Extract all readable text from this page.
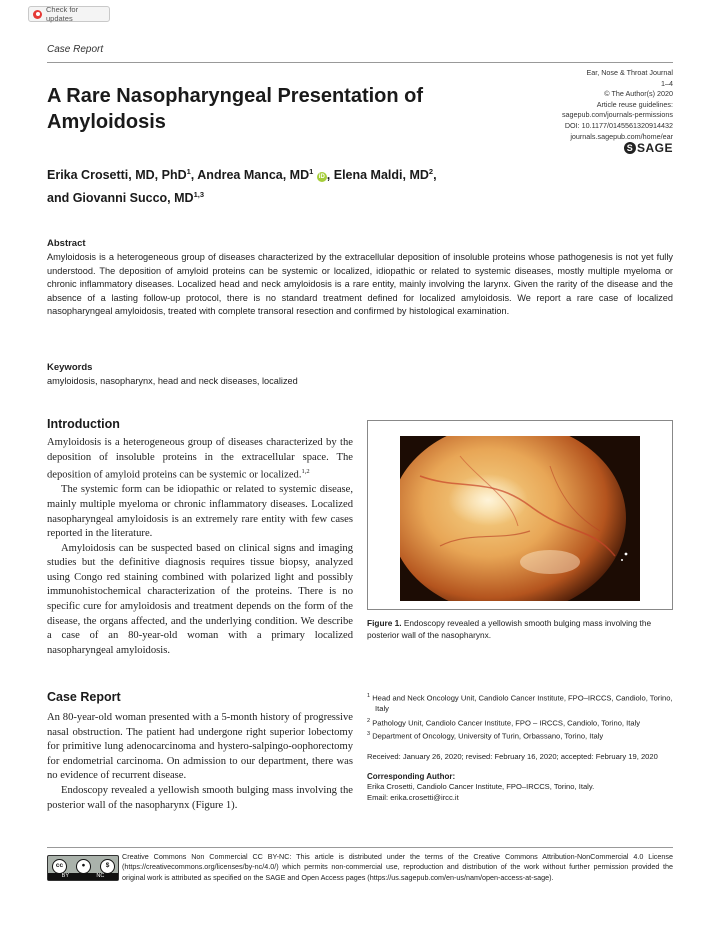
Check for updates
Case Report
Ear, Nose & Throat Journal
1–4
© The Author(s) 2020
Article reuse guidelines:
sagepub.com/journals-permissions
DOI: 10.1177/0145561320914432
journals.sagepub.com/home/ear
S SAGE
A Rare Nasopharyngeal Presentation of Amyloidosis
Erika Crosetti, MD, PhD$^1$, Andrea Manca, $MD^1$ iD , Elena Maldi, $MD^2$,
and Giovanni Succo, MD$^{1,3}$
Abstract

Amyloidosis is a heterogeneous group of diseases characterized by the extracellular deposition of insoluble proteins whose pathogenesis is not yet fully understood. The deposition of amyloid proteins can be systemic or localized, idiopathic or related to systemic diseases, mostly multiple myeloma or chronic inflammatory diseases. Localized head and neck amyloidosis is a rare entity, mainly involving the larynx. Given the rarity of the disease and the absence of a lasting follow-up protocol, there is no standard treatment defined for localized amyloidosis. We report a rare case of localized nasopharyngeal amyloidosis, treated with complete transoral resection and confirmed by histological examination.

Keywords

amyloidosis, nasopharynx, head and neck diseases, localized

Introduction

Amyloidosis is a heterogeneous group of diseases characterized by the deposition of insoluble proteins in the extracellular space. The deposition of amyloid proteins can be systemic or localized.$^{1,2}$

The systemic form can be idiopathic or related to systemic disease, mainly multiple myeloma or chronic inflammatory diseases. Localized nasopharyngeal amyloidosis is an extremely rare entity with few cases reported in the literature.

Amyloidosis can be suspected based on clinical signs and imaging studies but the definitive diagnosis requires tissue biopsy, analyzed using Congo red staining combined with polarized light and possibly immunohistochemical characterization of the proteins. There is no specific cure for amyloidosis and treatment depends on the form of the disease, the organs affected, and the underlying condition. We describe a case of an 80-year-old woman with a primary localized nasopharyngeal amyloidosis.

Case Report

An 80-year-old woman presented with a 5-month history of progressive nasal obstruction. The patient had undergone right superior lobectomy for primitive lung adenocarcinoma and hystero-salpingo-oophorectomy for endometrial carcinoma. On admission to our department, there was no evidence of recurrent disease.

Endoscopy revealed a yellowish smooth bulging mass involving the posterior wall of the nasopharynx (Figure 1).

Figure 1. Endoscopy revealed a yellowish smooth bulging mass involving the posterior wall of the nasopharynx.

$^1$ Head and Neck Oncology Unit, Candiolo Cancer Institute, FPO–IRCCS, Candiolo, Torino, Italy
$^2$ Pathology Unit, Candiolo Cancer Institute, FPO – IRCCS, Candiolo, Torino, Italy
$^3$ Department of Oncology, University of Turin, Orbassano, Torino, Italy
Received: January 26, 2020; revised: February 16, 2020; accepted: February 19, 2020
Corresponding Author:
Erika Crosetti, Candiolo Cancer Institute, FPO–IRCCS, Torino, Italy.
Email: erika.crosetti@ircc.it
cc	●	$
BY	NC

Creative Commons Non Commercial CC BY-NC: This article is distributed under the terms of the Creative Commons Attribution-NonCommercial 4.0 License (https://creativecommons.org/licenses/by-nc/4.0/) which permits non-commercial use, reproduction and distribution of the work without further permission provided the original work is attributed as specified on the SAGE and Open Access pages (https://us.sagepub.com/en-us/nam/open-access-at-sage).
